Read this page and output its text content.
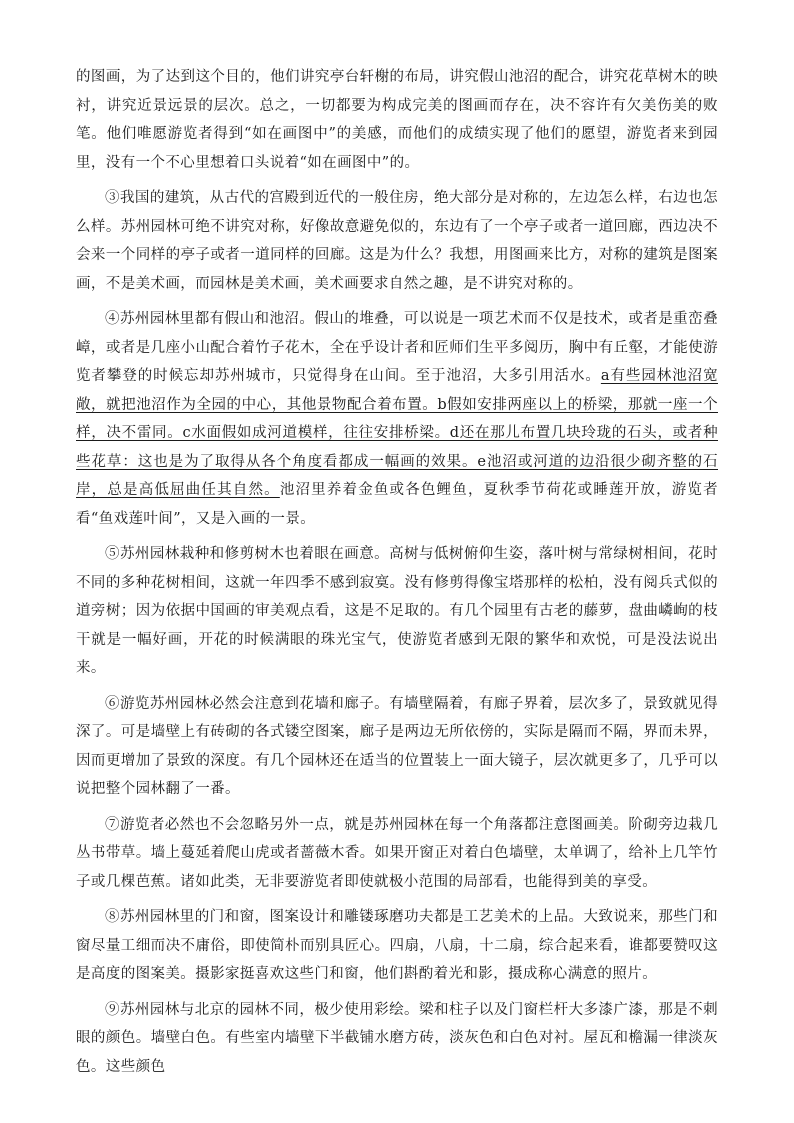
的图画，为了达到这个目的，他们讲究亭台轩榭的布局，讲究假山池沼的配合，讲究花草树木的映衬，讲究近景远景的层次。总之，一切都要为构成完美的图画而存在，决不容许有欠美伤美的败笔。他们唯愿游览者得到“如在画图中”的美感，而他们的成绩实现了他们的愿望，游览者来到园里，没有一个不心里想着口头说着“如在画图中”的。

③我国的建筑，从古代的宫殿到近代的一般住房，绝大部分是对称的，左边怎么样，右边也怎么样。苏州园林可绝不讲究对称，好像故意避免似的，东边有了一个亭子或者一道回廊，西边决不会来一个同样的亭子或者一道同样的回廊。这是为什么？我想，用图画来比方，对称的建筑是图案画，不是美术画，而园林是美术画，美术画要求自然之趣，是不讲究对称的。

④苏州园林里都有假山和池沼。假山的堆叠，可以说是一项艺术而不仅是技术，或者是重峦叠嶂，或者是几座小山配合着竹子花木，全在乎设计者和匠师们生平多阅历，胸中有丘壑，才能使游览者攀登的时候忘却苏州城市，只觉得身在山间。至于池沼，大多引用活水。a有些园林池沼宽敞，就把池沼作为全园的中心，其他景物配合着布置。b假如安排两座以上的桥梁，那就一座一个样，决不雷同。c水面假如成河道模样，往往安排桥梁。d还在那儿布置几块玲珑的石头，或者种些花草：这也是为了取得从各个角度看都成一幅画的效果。e池沼或河道的边沿很少砌齐整的石岸，总是高低屈曲任其自然。池沼里养着金鱼或各色鲤鱼，夏秋季节荷花或睡莲开放，游览者看“鱼戏莲叶间”，又是入画的一景。

⑤苏州园林栽种和修剪树木也着眼在画意。高树与低树俯仰生姿，落叶树与常绿树相间，花时不同的多种花树相间，这就一年四季不感到寂寞。没有修剪得像宝塔那样的松柏，没有阅兵式似的道旁树；因为依据中国画的审美观点看，这是不足取的。有几个园里有古老的藤萝，盘曲嶙峋的枝干就是一幅好画，开花的时候满眼的珠光宝气，使游览者感到无限的繁华和欢悦，可是没法说出来。

⑥游览苏州园林必然会注意到花墙和廊子。有墙壁隔着，有廊子界着，层次多了，景致就见得深了。可是墙壁上有砖砌的各式镂空图案，廊子是两边无所依傍的，实际是隔而不隔，界而未界，因而更增加了景致的深度。有几个园林还在适当的位置装上一面大镜子，层次就更多了，几乎可以说把整个园林翻了一番。

⑦游览者必然也不会忽略另外一点，就是苏州园林在每一个角落都注意图画美。阶砌旁边栽几丛书带草。墙上蔓延着爬山虎或者蔷薇木香。如果开窗正对着白色墙壁，太单调了，给补上几竿竹子或几棵芭蕉。诸如此类，无非要游览者即使就极小范围的局部看，也能得到美的享受。

⑧苏州园林里的门和窗，图案设计和雕镂琢磨功夫都是工艺美术的上品。大致说来，那些门和窗尽量工细而决不庸俗，即使简朴而别具匠心。四扇，八扇，十二扇，综合起来看，谁都要赞叹这是高度的图案美。摄影家挺喜欢这些门和窗，他们斟酌着光和影，摄成称心满意的照片。

⑨苏州园林与北京的园林不同，极少使用彩绘。梁和柱子以及门窗栏杆大多漆广漆，那是不刺眼的颜色。墙壁白色。有些室内墙壁下半截铺水磨方砖，淡灰色和白色对衬。屋瓦和檐漏一律淡灰色。这些颜色
